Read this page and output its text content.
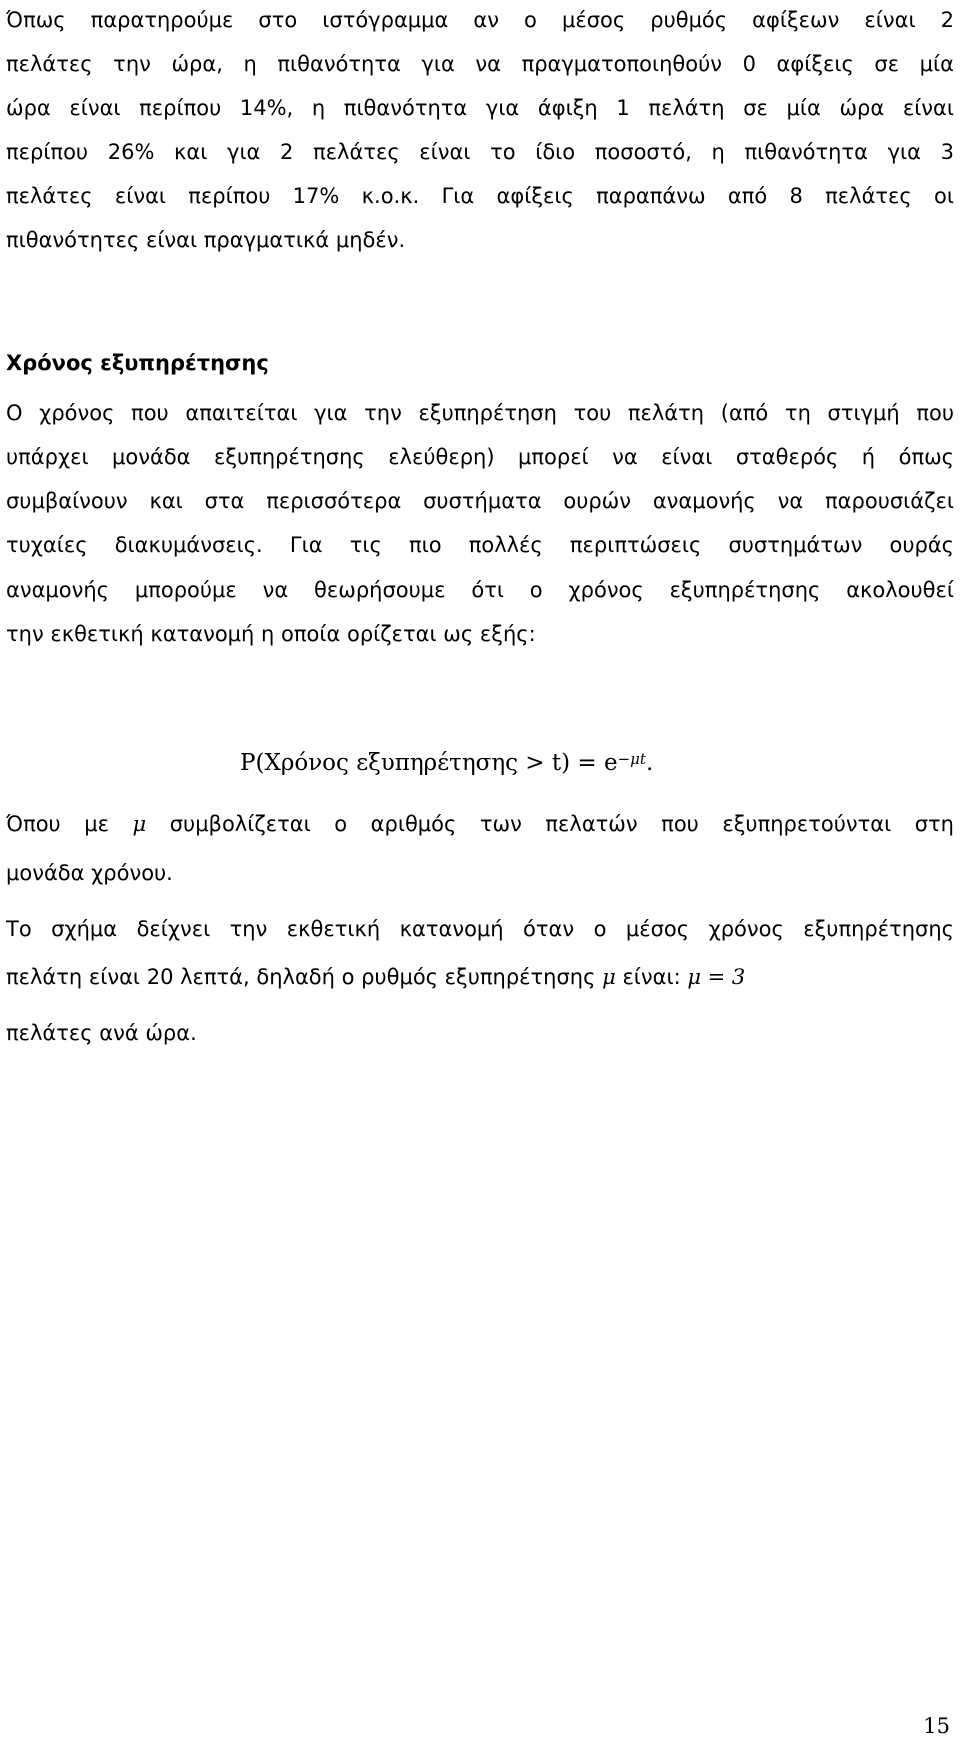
Όπως παρατηρούμε στο ιστόγραμμα αν ο μέσος ρυθμός αφίξεων είναι 2
πελάτες την ώρα, η πιθανότητα για να πραγματοποιηθούν 0 αφίξεις σε μία
ώρα είναι περίπου 14%, η πιθανότητα για άφιξη 1 πελάτη σε μία ώρα είναι
περίπου 26% και για 2 πελάτες είναι το ίδιο ποσοστό, η πιθανότητα για 3
πελάτες είναι περίπου 17% κ.ο.κ. Για αφίξεις παραπάνω από 8 πελάτες οι
πιθανότητες είναι πραγματικά μηδέν.
Χρόνος εξυπηρέτησης
Ο χρόνος που απαιτείται για την εξυπηρέτηση του πελάτη (από τη στιγμή που
υπάρχει μονάδα εξυπηρέτησης ελεύθερη) μπορεί να είναι σταθερός ή όπως
συμβαίνουν και στα περισσότερα συστήματα ουρών αναμονής να παρουσιάζει
τυχαίες διακυμάνσεις. Για τις πιο πολλές περιπτώσεις συστημάτων ουράς
αναμονής μπορούμε να θεωρήσουμε ότι ο χρόνος εξυπηρέτησης ακολουθεί
την εκθετική κατανομή η οποία ορίζεται ως εξής:
P(Χρόνος $\varepsilon\xi\upsilon\pi\eta\rho έ\tau\eta\sigma\eta\varsigma > t) = e^{-\mu t}$.
Όπου με μ συμβολίζεται ο αριθμός των πελατών που εξυπηρετούνται στη
μονάδα χρόνου.
Το σχήμα δείχνει την εκθετική κατανομή όταν ο μέσος χρόνος εξυπηρέτησης
πελάτη είναι 20 λεπτά, δηλαδή ο ρυθμός εξυπηρέτησης μ είναι: μ = 3
πελάτες ανά ώρα.
15
